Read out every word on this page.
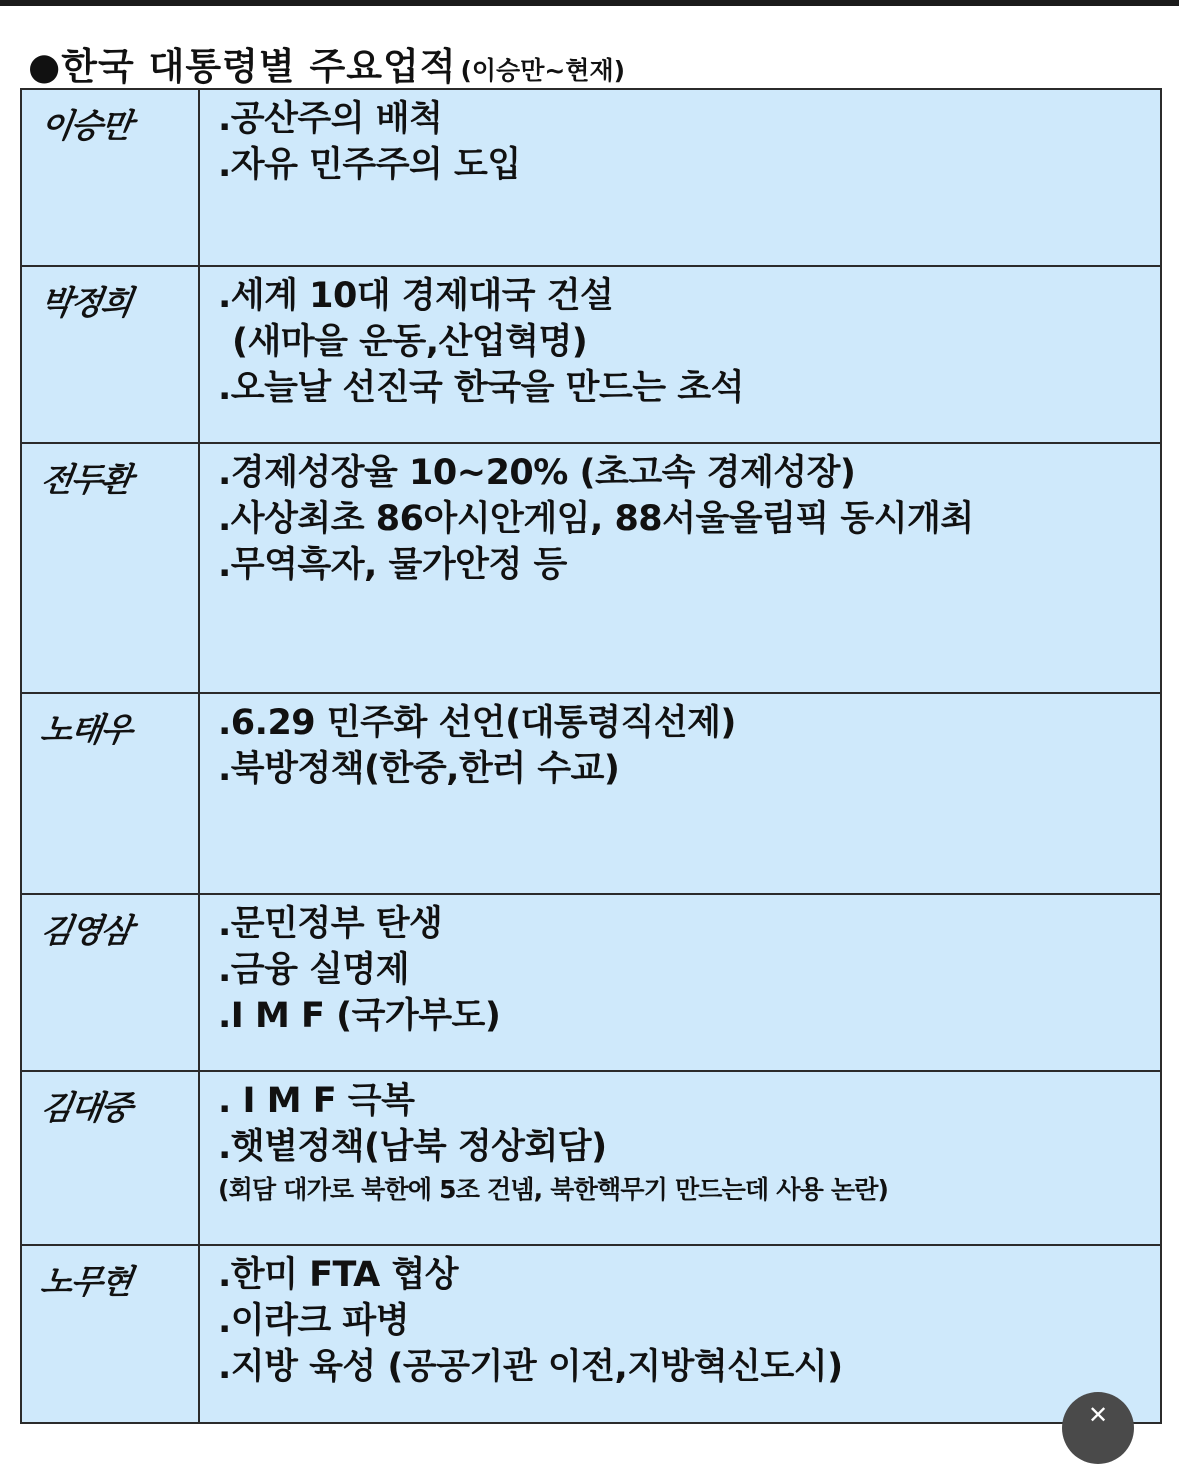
●한국 대통령별 주요업적 (이승만~현재)
이승만	.공산주의 배척
.자유 민주주의 도입

박정희	.세계 10대 경제대국 건설
(새마을 운동,산업혁명)
.오늘날 선진국 한국을 만드는 초석

전두환	.경제성장율 10~20% (초고속 경제성장)
.사상최초 86아시안게임, 88서울올림픽 동시개최
.무역흑자, 물가안정 등

노태우	.6.29 민주화 선언(대통령직선제)
.북방정책(한중,한러 수교)

김영삼	.문민정부 탄생
.금융 실명제
.I M F (국가부도)

김대중	. I M F 극복
.햇볕정책(남북 정상회담)
(회담 대가로 북한에 5조 건넴, 북한핵무기 만드는데 사용 논란)

노무현	.한미 FTA 협상
.이라크 파병
.지방 육성 (공공기관 이전,지방혁신도시)
✕
